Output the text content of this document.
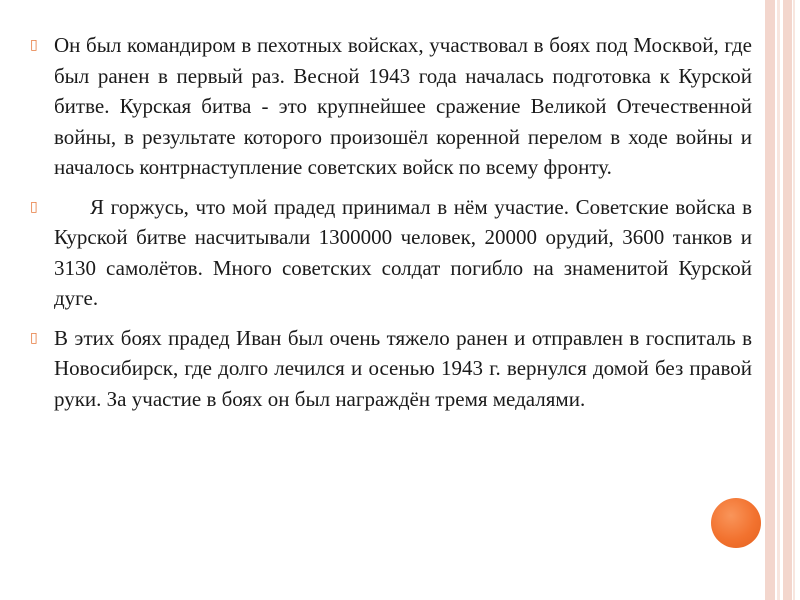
▯ Он был командиром в пехотных войсках, участвовал в боях под Москвой, где был ранен в первый раз. Весной 1943 года началась подготовка к Курской битве. Курская битва - это крупнейшее сражение Великой Отечественной войны, в результате которого произошёл коренной перелом в ходе войны и началось контрнаступление советских войск по всему фронту.

▯	Я горжусь, что мой прадед принимал в нём участие. Советские войска в Курской битве насчитывали 1300000 человек, 20000 орудий, 3600 танков и 3130 самолётов. Много советских солдат погибло на знаменитой Курской дуге.

▯ В этих боях прадед Иван был очень тяжело ранен и отправлен в госпиталь в Новосибирск, где долго лечился и осенью 1943 г. вернулся домой без правой руки. За участие в боях он был награждён тремя медалями.
